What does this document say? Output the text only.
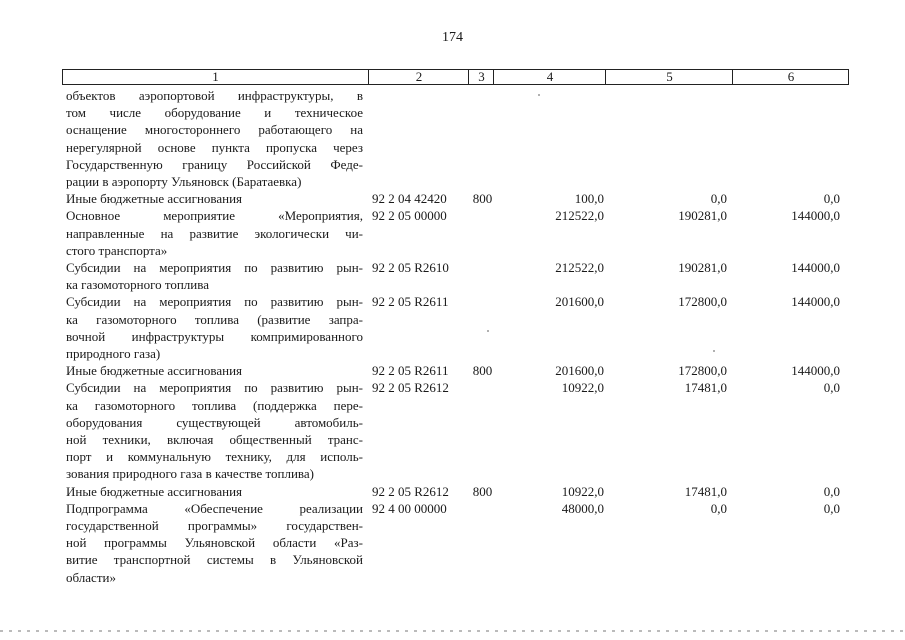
174
1	2	3	4	5	6
объектов аэропортовой инфраструктуры, в
том числе оборудование и техническое
оснащение многостороннего работающего на
нерегулярной основе пункта пропуска через
Государственную границу Российской Феде-
рации в аэропорту Ульяновск (Баратаевка)
Иные бюджетные ассигнования	92 2 04 42420 800	100,0	0,0	0,0
Основное мероприятие «Мероприятия,
направленные на развитие экологически чи-
стого транспорта»
92 2 05 00000	212522,0	190281,0	144000,0
Субсидии на мероприятия по развитию рын-
ка газомоторного топлива
92 2 05 R2610	212522,0	190281,0	144000,0
Субсидии на мероприятия по развитию рын-
ка газомоторного топлива (развитие запра-
вочной инфраструктуры компримированного
природного газа)
92 2 05 R2611	201600,0	172800,0	144000,0
Иные бюджетные ассигнования	92 2 05 R2611 800	201600,0	172800,0	144000,0
Субсидии на мероприятия по развитию рын-
ка газомоторного топлива (поддержка пере-
оборудования существующей автомобиль-
ной техники, включая общественный транс-
порт и коммунальную технику, для исполь-
зования природного газа в качестве топлива)
92 2 05 R2612	10922,0	17481,0	0,0
Иные бюджетные ассигнования	92 2 05 R2612 800	10922,0	17481,0	0,0
Подпрограмма «Обеспечение реализации
государственной программы» государствен-
ной программы Ульяновской области «Раз-
витие транспортной системы в Ульяновской
области»
92 4 00 00000	48000,0	0,0	0,0
